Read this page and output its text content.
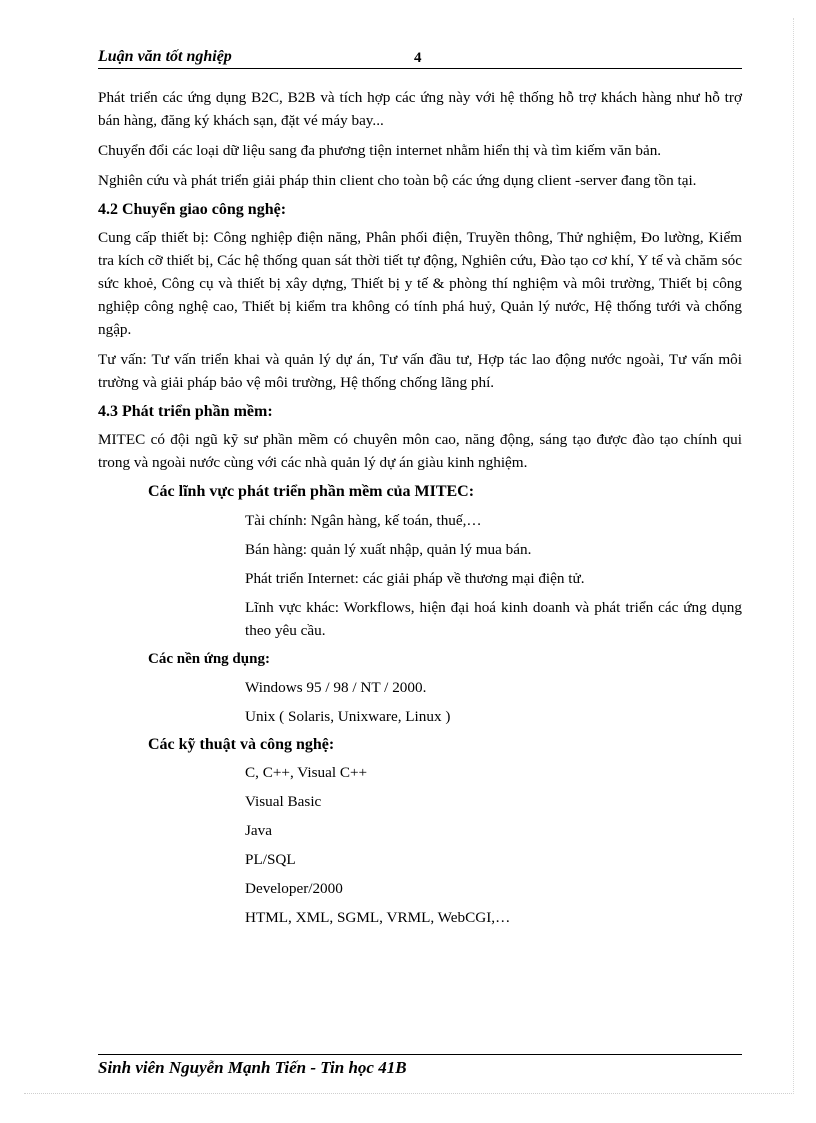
Luận văn tốt nghiệp	4

Phát triển các ứng dụng B2C, B2B và tích hợp các ứng này với hệ thống hỗ trợ khách hàng như hỗ trợ bán hàng, đăng ký khách sạn, đặt vé máy bay...

Chuyển đổi các loại dữ liệu sang đa phương tiện internet nhằm hiển thị và tìm kiếm văn bản.

Nghiên cứu và phát triển giải pháp thin client cho toàn bộ các ứng dụng client -server đang tồn tại.

4.2 Chuyển giao công nghệ:

Cung cấp thiết bị: Công nghiệp điện năng, Phân phối điện, Truyền thông, Thử nghiệm, Đo lường, Kiểm tra kích cỡ thiết bị, Các hệ thống quan sát thời tiết tự động, Nghiên cứu, Đào tạo cơ khí, Y tế và chăm sóc sức khoẻ, Công cụ và thiết bị xây dựng, Thiết bị y tế & phòng thí nghiệm và môi trường, Thiết bị công nghiệp công nghệ cao, Thiết bị kiểm tra không có tính phá huỷ, Quản lý nước, Hệ thống tưới và chống ngập.

Tư vấn: Tư vấn triển khai và quản lý dự án, Tư vấn đầu tư, Hợp tác lao động nước ngoài, Tư vấn môi trường và giải pháp bảo vệ môi trường, Hệ thống chống lãng phí.

4.3 Phát triển phần mềm:

MITEC có đội ngũ kỹ sư phần mềm có chuyên môn cao, năng động, sáng tạo được đào tạo chính qui trong và ngoài nước cùng với các nhà quản lý dự án giàu kinh nghiệm.

Các lĩnh vực phát triển phần mềm của MITEC:
Tài chính: Ngân hàng, kế toán, thuế,…
Bán hàng: quản lý xuất nhập, quản lý mua bán.
Phát triển Internet: các giải pháp về thương mại điện tử.
Lĩnh vực khác: Workflows, hiện đại hoá kinh doanh và phát triển các ứng dụng theo yêu cầu.
Các nền ứng dụng:
Windows 95 / 98 / NT / 2000.
Unix ( Solaris, Unixware, Linux )
Các kỹ thuật và công nghệ:
C, C++, Visual C++
Visual Basic
Java
PL/SQL
Developer/2000
HTML, XML, SGML, VRML, WebCGI,…
Sinh viên Nguyễn Mạnh Tiến - Tin học 41B
